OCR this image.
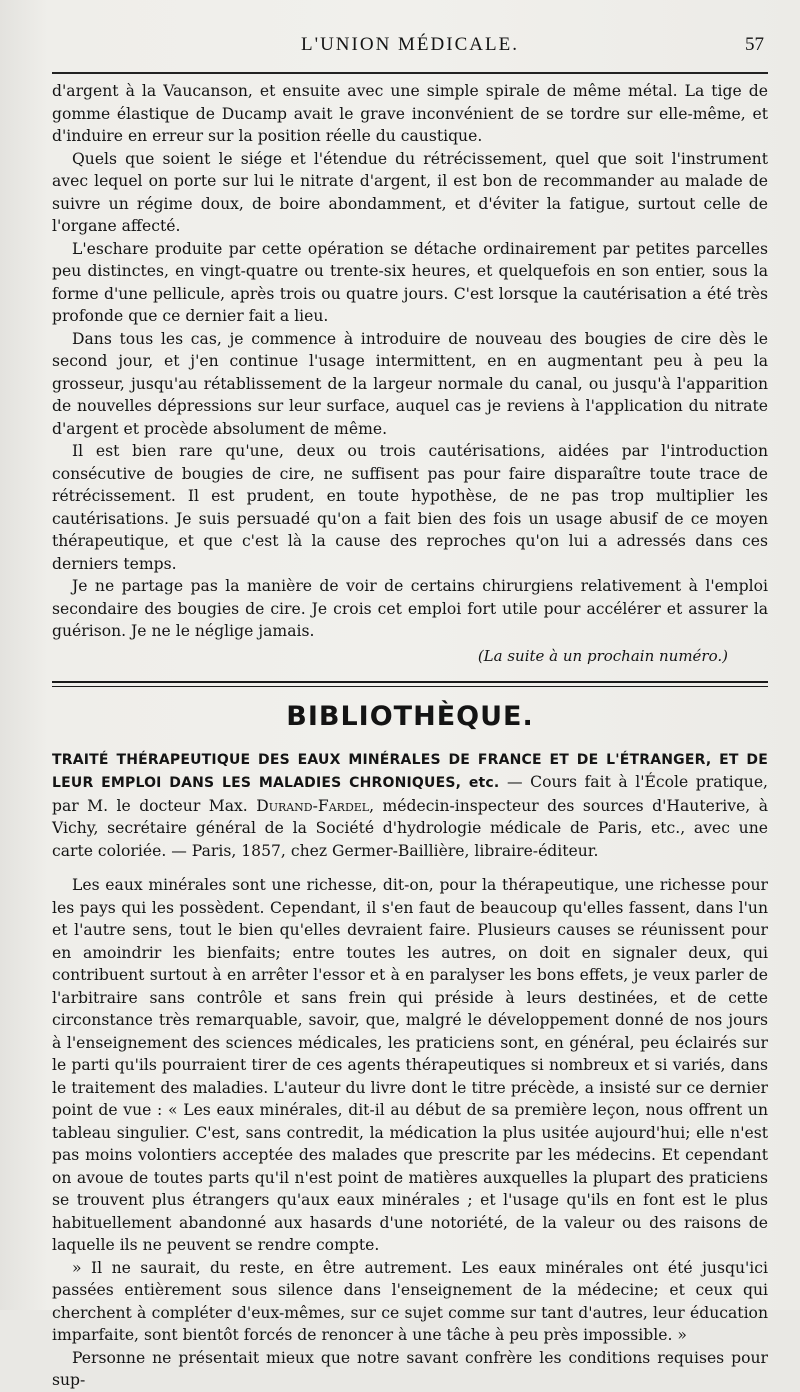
L'UNION MÉDICALE.	57

d'argent à la Vaucanson, et ensuite avec une simple spirale de même métal. La tige de gomme élastique de Ducamp avait le grave inconvénient de se tordre sur elle-même, et d'induire en erreur sur la position réelle du caustique.

Quels que soient le siége et l'étendue du rétrécissement, quel que soit l'instrument avec lequel on porte sur lui le nitrate d'argent, il est bon de recommander au malade de suivre un régime doux, de boire abondamment, et d'éviter la fatigue, surtout celle de l'organe affecté.

L'eschare produite par cette opération se détache ordinairement par petites parcelles peu distinctes, en vingt-quatre ou trente-six heures, et quelquefois en son entier, sous la forme d'une pellicule, après trois ou quatre jours. C'est lorsque la cautérisation a été très profonde que ce dernier fait a lieu.

Dans tous les cas, je commence à introduire de nouveau des bougies de cire dès le second jour, et j'en continue l'usage intermittent, en en augmentant peu à peu la grosseur, jusqu'au rétablissement de la largeur normale du canal, ou jusqu'à l'apparition de nouvelles dépressions sur leur surface, auquel cas je reviens à l'application du nitrate d'argent et procède absolument de même.

Il est bien rare qu'une, deux ou trois cautérisations, aidées par l'introduction consécutive de bougies de cire, ne suffisent pas pour faire disparaître toute trace de rétrécissement. Il est prudent, en toute hypothèse, de ne pas trop multiplier les cautérisations. Je suis persuadé qu'on a fait bien des fois un usage abusif de ce moyen thérapeutique, et que c'est là la cause des reproches qu'on lui a adressés dans ces derniers temps.

Je ne partage pas la manière de voir de certains chirurgiens relativement à l'emploi secondaire des bougies de cire. Je crois cet emploi fort utile pour accélérer et assurer la guérison. Je ne le néglige jamais.

(La suite à un prochain numéro.)
BIBLIOTHÈQUE.
TRAITÉ THÉRAPEUTIQUE DES EAUX MINÉRALES DE FRANCE ET DE L'ÉTRANGER, ET DE LEUR EMPLOI DANS LES MALADIES CHRONIQUES, etc. — Cours fait à l'École pratique, par M. le docteur Max. Durand-Fardel, médecin-inspecteur des sources d'Hauterive, à Vichy, secrétaire général de la Société d'hydrologie médicale de Paris, etc., avec une carte coloriée. — Paris, 1857, chez Germer-Baillière, libraire-éditeur.

Les eaux minérales sont une richesse, dit-on, pour la thérapeutique, une richesse pour les pays qui les possèdent. Cependant, il s'en faut de beaucoup qu'elles fassent, dans l'un et l'autre sens, tout le bien qu'elles devraient faire. Plusieurs causes se réunissent pour en amoindrir les bienfaits; entre toutes les autres, on doit en signaler deux, qui contribuent surtout à en arrêter l'essor et à en paralyser les bons effets, je veux parler de l'arbitraire sans contrôle et sans frein qui préside à leurs destinées, et de cette circonstance très remarquable, savoir, que, malgré le développement donné de nos jours à l'enseignement des sciences médicales, les praticiens sont, en général, peu éclairés sur le parti qu'ils pourraient tirer de ces agents thérapeutiques si nombreux et si variés, dans le traitement des maladies. L'auteur du livre dont le titre précède, a insisté sur ce dernier point de vue : « Les eaux minérales, dit-il au début de sa première leçon, nous offrent un tableau singulier. C'est, sans contredit, la médication la plus usitée aujourd'hui; elle n'est pas moins volontiers acceptée des malades que prescrite par les médecins. Et cependant on avoue de toutes parts qu'il n'est point de matières auxquelles la plupart des praticiens se trouvent plus étrangers qu'aux eaux minérales ; et l'usage qu'ils en font est le plus habituellement abandonné aux hasards d'une notoriété, de la valeur ou des raisons de laquelle ils ne peuvent se rendre compte.

» Il ne saurait, du reste, en être autrement. Les eaux minérales ont été jusqu'ici passées entièrement sous silence dans l'enseignement de la médecine; et ceux qui cherchent à compléter d'eux-mêmes, sur ce sujet comme sur tant d'autres, leur éducation imparfaite, sont bientôt forcés de renoncer à une tâche à peu près impossible. »

Personne ne présentait mieux que notre savant confrère les conditions requises pour sup-
